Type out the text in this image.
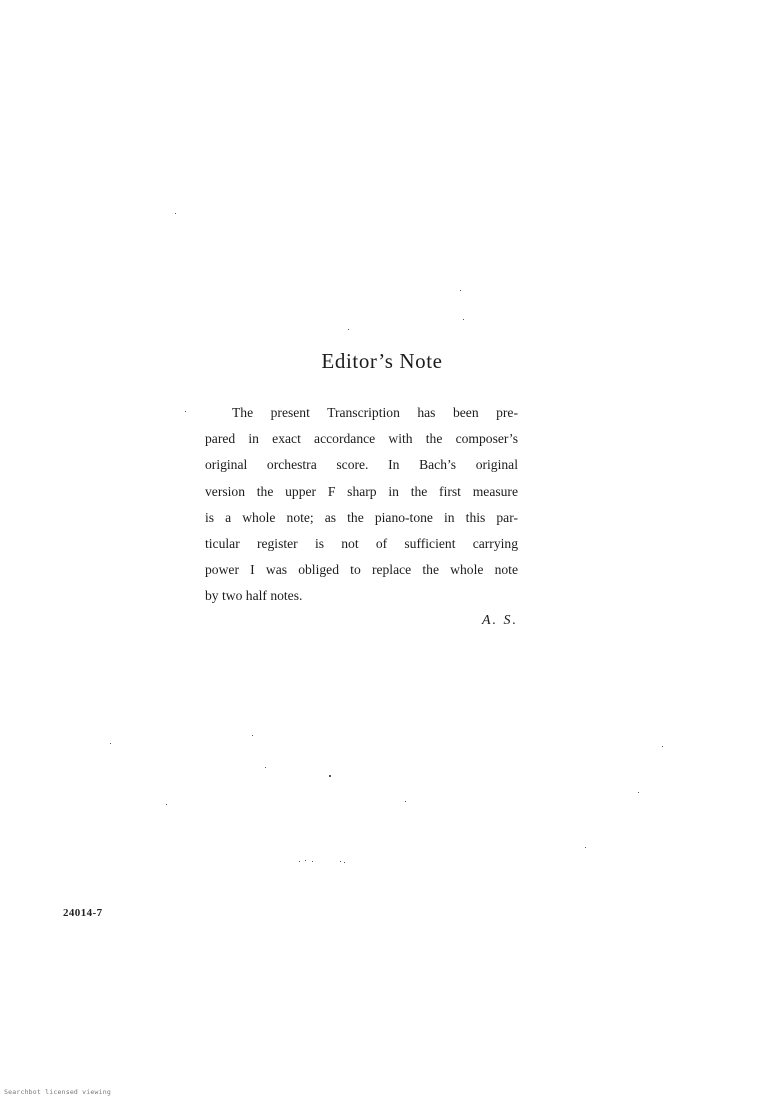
Editor’s Note

The present Transcription has been pre-
pared in exact accordance with the composer’s
original orchestra score. In Bach’s original
version the upper F sharp in the first measure
is a whole note; as the piano-tone in this par-
ticular register is not of sufficient carrying
power I was obliged to replace the whole note
by two half notes.

A. S.
24014-7
Searchbot licensed viewing
